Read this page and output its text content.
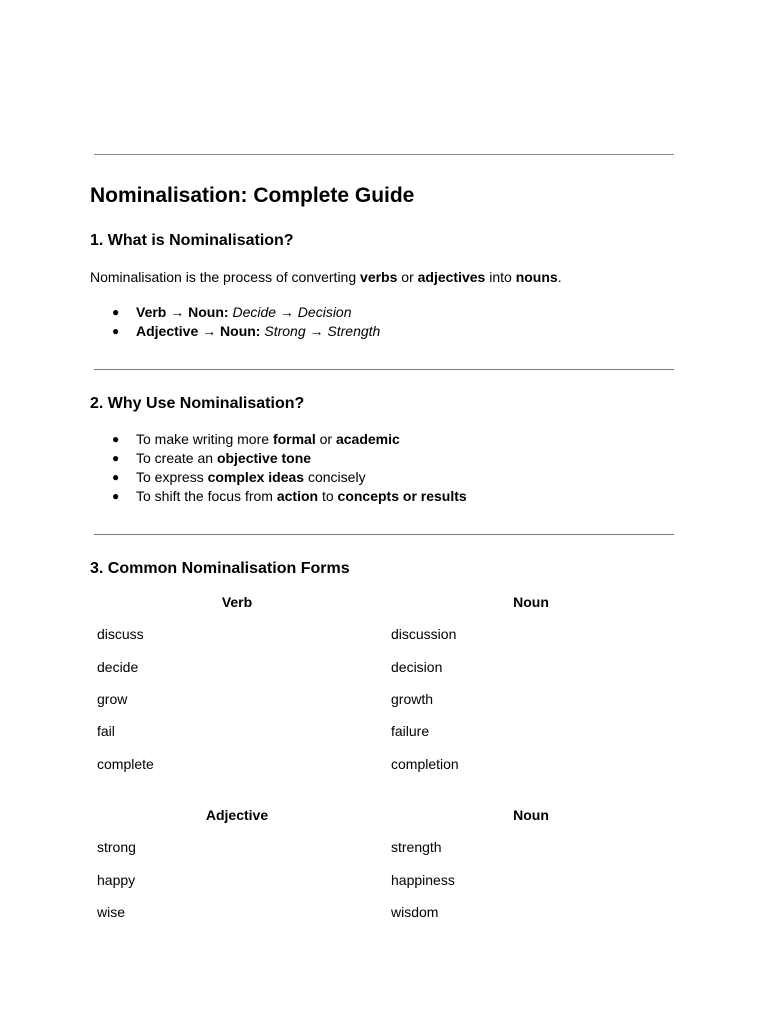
Nominalisation: Complete Guide
1. What is Nominalisation?

Nominalisation is the process of converting verbs or adjectives into nouns.

● Verb → Noun: Decide → Decision
● Adjective → Noun: Strong → Strength
2. Why Use Nominalisation?
● To make writing more formal or academic
● To create an objective tone
● To express complex ideas concisely
● To shift the focus from action to concepts or results
3. Common Nominalisation Forms
Verb	Noun
discuss	discussion
decide	decision
grow	growth
fail	failure
complete	completion
Adjective	Noun
strong	strength
happy	happiness
wise	wisdom
